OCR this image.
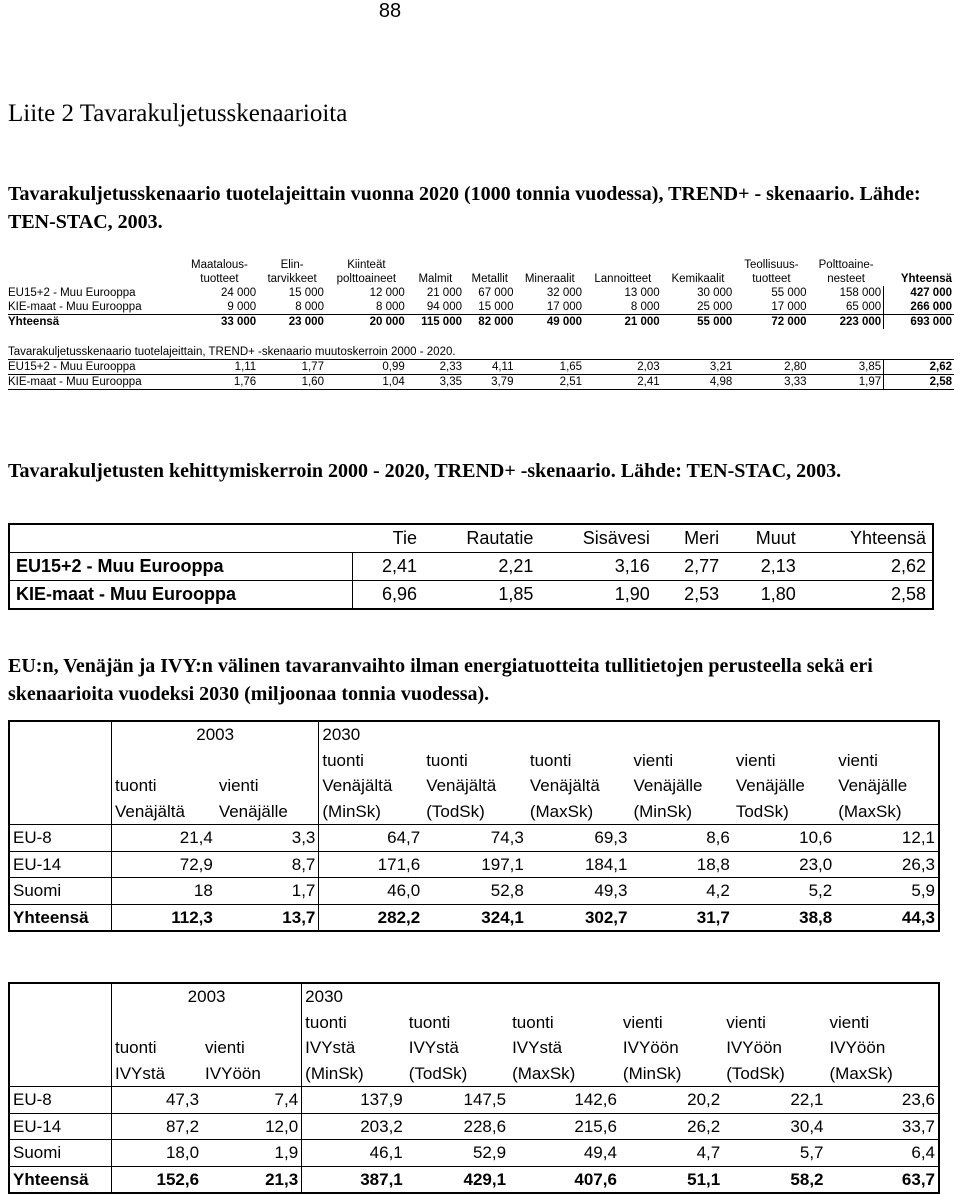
88
Liite 2 Tavarakuljetusskenaarioita
Tavarakuljetusskenaario tuotelajeittain vuonna 2020 (1000 tonnia vuodessa), TREND+ - skenaario. Lähde: TEN-STAC, 2003.
	Maatalous-	Elin-	Kiinteät						Teollisuus-	Polttoaine-	
	tuotteet	tarvikkeet	polttoaineet	Malmit	Metallit	Mineraalit	Lannoitteet	Kemikaalit	tuotteet	nesteet	Yhteensä
EU15+2 - Muu Eurooppa	24 000	15 000	12 000	21 000	67 000	32 000	13 000	30 000	55 000	158 000	427 000
KIE-maat - Muu Eurooppa	9 000	8 000	8 000	94 000	15 000	17 000	8 000	25 000	17 000	65 000	266 000
Yhteensä	33 000	23 000	20 000	115 000	82 000	49 000	21 000	55 000	72 000	223 000	693 000
Tavarakuljetusskenaario tuotelajeittain, TREND+ -skenaario muutoskerroin 2000 - 2020.											
EU15+2 - Muu Eurooppa	1,11	1,77	0,99	2,33	4,11	1,65	2,03	3,21	2,80	3,85	2,62
KIE-maat - Muu Eurooppa	1,76	1,60	1,04	3,35	3,79	2,51	2,41	4,98	3,33	1,97	2,58
Tavarakuljetusten kehittymiskerroin 2000 - 2020, TREND+ -skenaario. Lähde: TEN-STAC, 2003.
	Tie	Rautatie	Sisävesi	Meri	Muut	Yhteensä
EU15+2 - Muu Eurooppa	2,41	2,21	3,16	2,77	2,13	2,62
KIE-maat - Muu Eurooppa	6,96	1,85	1,90	2,53	1,80	2,58
EU:n, Venäjän ja IVY:n välinen tavaranvaihto ilman energiatuotteita tullitietojen perusteella sekä eri skenaarioita vuodeksi 2030 (miljoonaa tonnia vuodessa).
	2003		2030					
			tuonti	tuonti	tuonti	vienti	vienti	vienti
	tuonti	vienti	Venäjältä	Venäjältä	Venäjältä	Venäjälle	Venäjälle	Venäjälle
	Venäjältä	Venäjälle	(MinSk)	(TodSk)	(MaxSk)	(MinSk)	TodSk)	(MaxSk)
EU-8	21,4	3,3	64,7	74,3	69,3	8,6	10,6	12,1
EU-14	72,9	8,7	171,6	197,1	184,1	18,8	23,0	26,3
Suomi	18	1,7	46,0	52,8	49,3	4,2	5,2	5,9
Yhteensä	112,3	13,7	282,2	324,1	302,7	31,7	38,8	44,3
	2003		2030					
			tuonti	tuonti	tuonti	vienti	vienti	vienti
	tuonti	vienti	IVYstä	IVYstä	IVYstä	IVYöön	IVYöön	IVYöön
	IVYstä	IVYöön	(MinSk)	(TodSk)	(MaxSk)	(MinSk)	(TodSk)	(MaxSk)
EU-8	47,3	7,4	137,9	147,5	142,6	20,2	22,1	23,6
EU-14	87,2	12,0	203,2	228,6	215,6	26,2	30,4	33,7
Suomi	18,0	1,9	46,1	52,9	49,4	4,7	5,7	6,4
Yhteensä	152,6	21,3	387,1	429,1	407,6	51,1	58,2	63,7
